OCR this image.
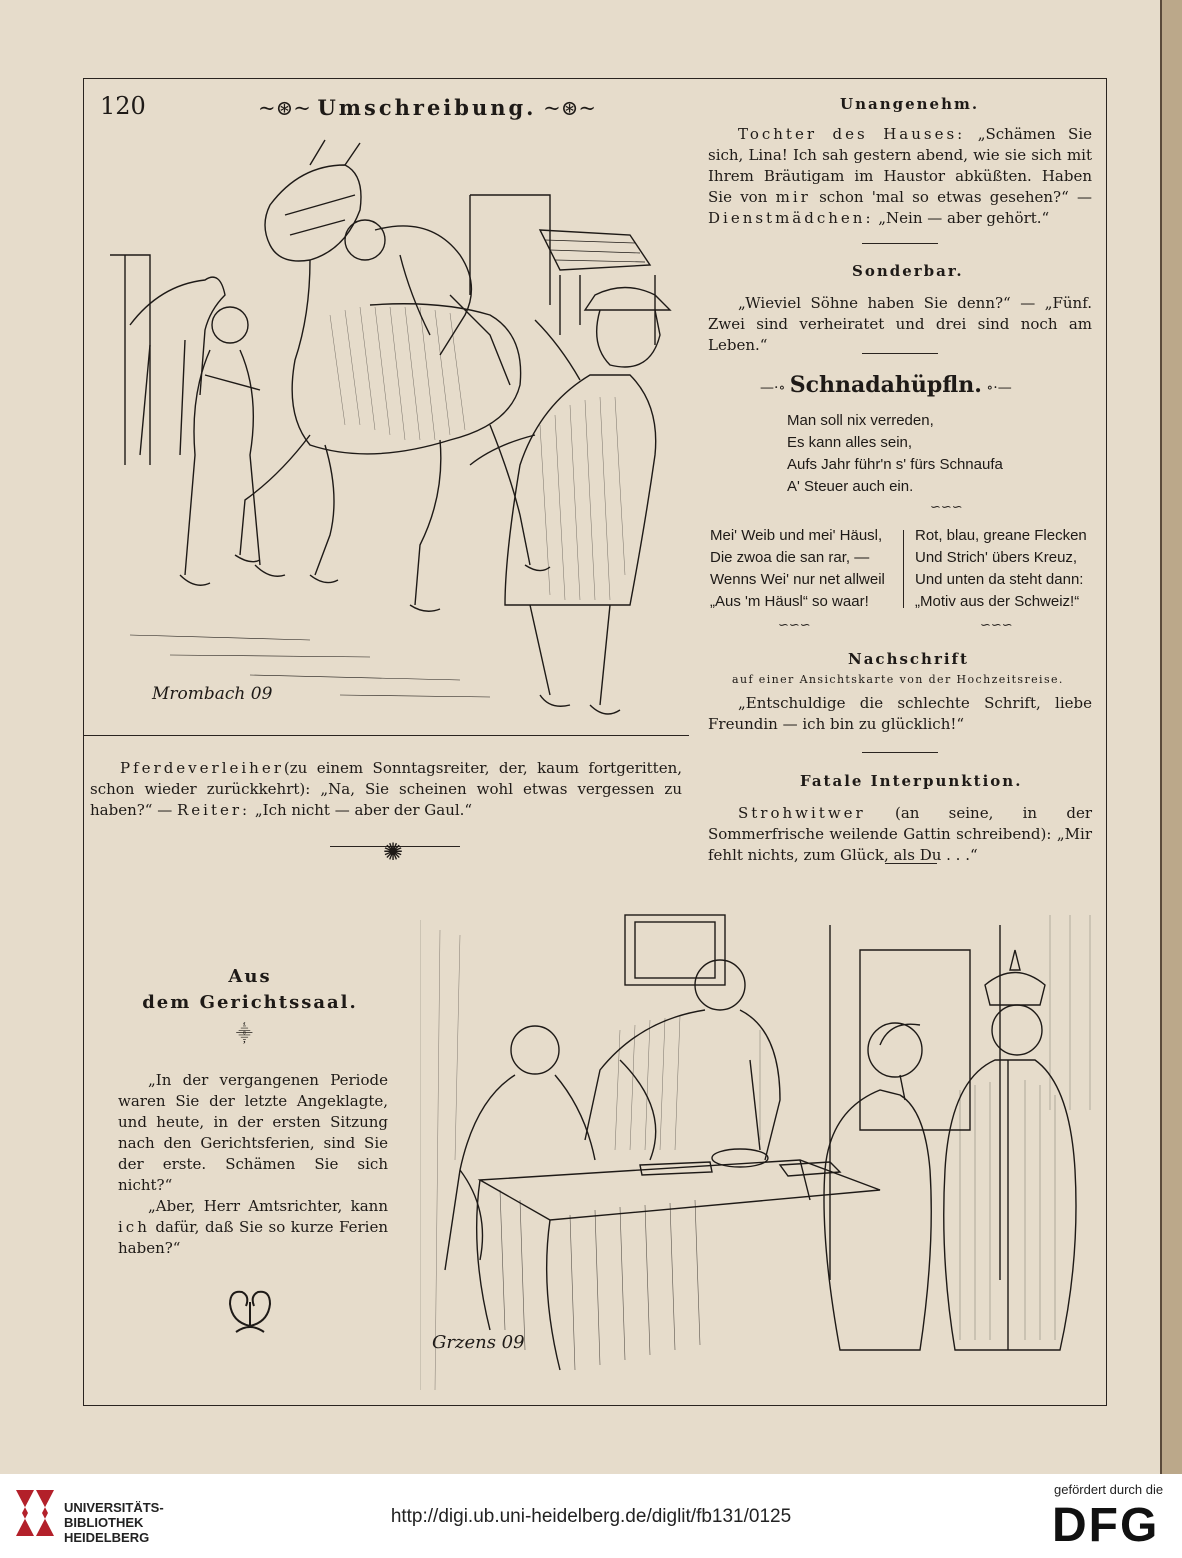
120	~⊛~ Umschreibung. ~⊛~
Mrombach 09

Pferdeverleiher(zu einem Sonntagsreiter, der, kaum fortgeritten, schon wieder zurückkehrt): „Na, Sie scheinen wohl etwas vergessen zu haben?“ — Reiter: „Ich nicht — aber der Gaul.“

✺
Unangenehm.

Tochter des Hauses: „Schämen Sie sich, Lina! Ich sah gestern abend, wie sie sich mit Ihrem Bräutigam im Haustor abküßten. Haben Sie von mir schon 'mal so etwas gesehen?“ — Dienstmädchen: „Nein — aber gehört.“

Sonderbar.

„Wieviel Söhne haben Sie denn?“ — „Fünf. Zwei sind verheiratet und drei sind noch am Leben.“

—·∘ Schnadahüpfln. ∘·—
Man soll nix verreden,
Es kann alles sein,
Aufs Jahr führ'n s' fürs Schnaufa
A' Steuer auch ein.
∽∽∽
Mei' Weib und mei' Häusl,
Die zwoa die san rar, —
Wenns Wei' nur net allweil
„Aus 'm Häusl“ so waar!
Rot, blau, greane Flecken
Und Strich' übers Kreuz,
Und unten da steht dann:
„Motiv aus der Schweiz!“
∽∽∽	∽∽∽
Nachschrift
auf einer Ansichtskarte von der Hochzeitsreise.

„Entschuldige die schlechte Schrift, liebe Freundin — ich bin zu glücklich!“

Fatale Interpunktion.

Strohwitwer (an seine, in der Sommerfrische weilende Gattin schreibend): „Mir fehlt nichts, zum Glück, als Du . . .“

Aus
dem Gerichtssaal.
⸎

„In der vergangenen Periode waren Sie der letzte Angeklagte, und heute, in der ersten Sitzung nach den Gerichtsferien, sind Sie der erste. Schämen Sie sich nicht?“

„Aber, Herr Amtsrichter, kann ich dafür, daß Sie so kurze Ferien haben?“

Grzens 09
UNIVERSITÄTS-
BIBLIOTHEK
HEIDELBERG
http://digi.ub.uni-heidelberg.de/diglit/fb131/0125
gefördert durch die
DFG
